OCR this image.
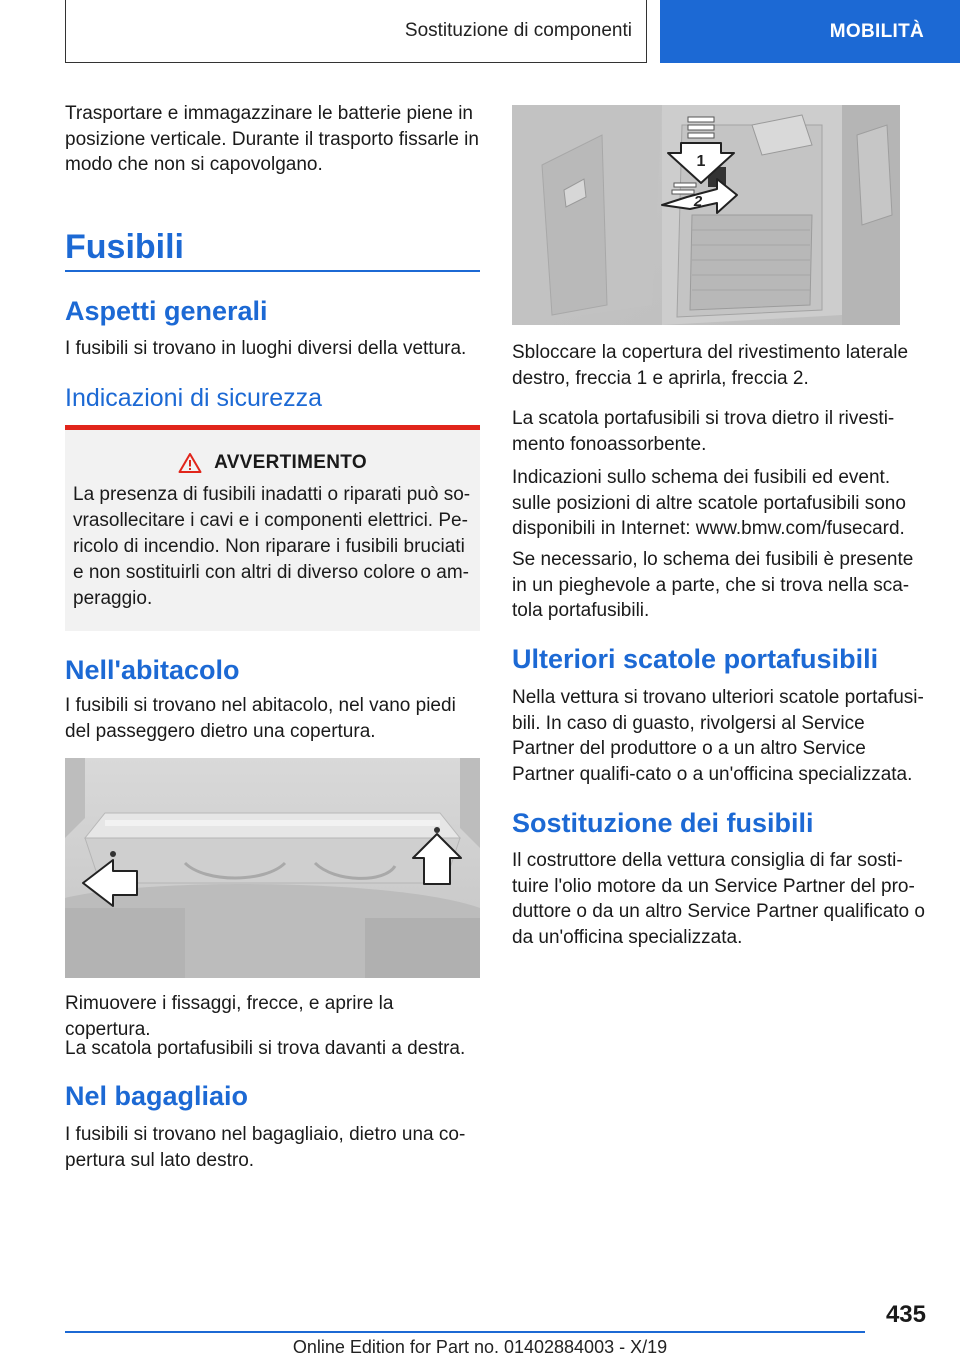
Sostituzione di componenti	MOBILITÀ

Trasportare e immagazzinare le batterie piene in posizione verticale. Durante il trasporto fissarle in modo che non si capovolgano.

Fusibili
Aspetti generali

I fusibili si trovano in luoghi diversi della vettura.

Indicazioni di sicurezza
AVVERTIMENTO
La presenza di fusibili inadatti o riparati può so-vrasollecitare i cavi e i componenti elettrici. Pe-ricolo di incendio. Non riparare i fusibili bruciati e non sostituirli con altri di diverso colore o am-peraggio.
Nell'abitacolo

I fusibili si trovano nel abitacolo, nel vano piedi del passeggero dietro una copertura.

Rimuovere i fissaggi, frecce, e aprire la copertura.

La scatola portafusibili si trova davanti a destra.

Nel bagagliaio

I fusibili si trovano nel bagagliaio, dietro una co-pertura sul lato destro.

1
2

Sbloccare la copertura del rivestimento laterale destro, freccia 1 e aprirla, freccia 2.

La scatola portafusibili si trova dietro il rivesti-mento fonoassorbente.

Indicazioni sullo schema dei fusibili ed event. sulle posizioni di altre scatole portafusibili sono disponibili in Internet: www.bmw.com/fusecard.

Se necessario, lo schema dei fusibili è presente in un pieghevole a parte, che si trova nella sca-tola portafusibili.

Ulteriori scatole portafusibili

Nella vettura si trovano ulteriori scatole portafusi-bili. In caso di guasto, rivolgersi al Service Partner del produttore o a un altro Service Partner qualifi-cato o a un'officina specializzata.

Sostituzione dei fusibili

Il costruttore della vettura consiglia di far sosti-tuire l'olio motore da un Service Partner del pro-duttore o da un altro Service Partner qualificato o da un'officina specializzata.

435
Online Edition for Part no. 01402884003 - X/19
